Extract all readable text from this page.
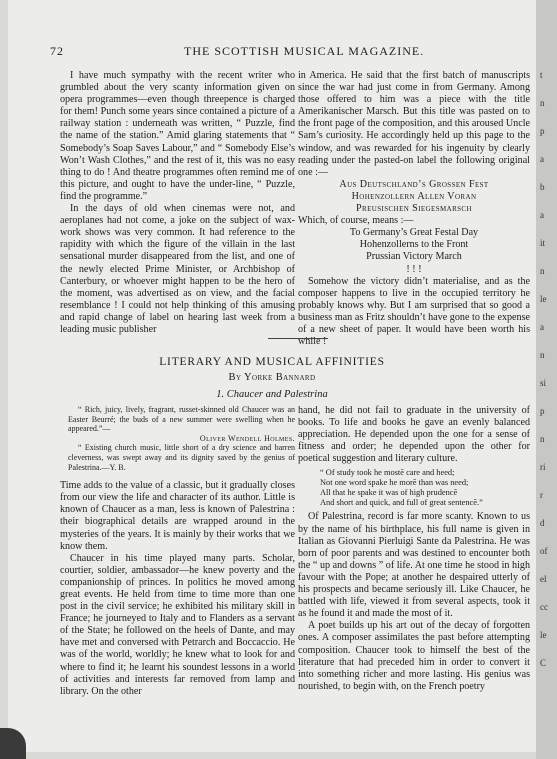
72	THE SCOTTISH MUSICAL MAGAZINE.

I have much sympathy with the recent writer who grumbled about the very scanty information given on opera programmes—even though threepence is charged for them! Punch some years since contained a picture of a railway station : underneath was written, “ Puzzle, find the name of the station.” Amid glaring statements that “ Somebody’s Soap Saves Labour,” and “ Somebody Else’s Won’t Wash Clothes,” and the rest of it, this was no easy thing to do ! And theatre programmes often remind me of this picture, and ought to have the under-line, “ Puzzle, find the programme.”

In the days of old when cinemas were not, and aeroplanes had not come, a joke on the subject of wax-work shows was very common. It had reference to the rapidity with which the figure of the villain in the last sensational murder disappeared from the list, and one of the newly elected Prime Minister, or Archbishop of Canterbury, or whoever might happen to be the hero of the moment, was advertised as on view, and the facial resemblance ! I could not help thinking of this amusing and rapid change of label on hearing last week from a leading music publisher

in America. He said that the first batch of manuscripts since the war had just come in from Germany. Among those offered to him was a piece with the title Amerikanischer Marsch. But this title was pasted on to the front page of the composition, and this aroused Uncle Sam’s curiosity. He accordingly held up this page to the window, and was rewarded for his ingenuity by clearly reading under the pasted-on label the following original one :—

Aus Deutschland’s Grossen Fest

Hohenzollern Allen Voran

Preusischen Siegesmarsch

Which, of course, means :—

To Germany’s Great Festal Day

Hohenzollerns to the Front

Prussian Victory March

! ! !

Somehow the victory didn’t materialise, and as the composer happens to live in the occupied territory he probably knows why. But I am surprised that so good a business man as Fritz shouldn’t have gone to the expense of a new sheet of paper. It would have been worth his while !

LITERARY AND MUSICAL AFFINITIES
By Yorke Bannard
1. Chaucer and Palestrina

“ Rich, juicy, lively, fragrant, russet-skinned old Chaucer was an Easter Beurré; the buds of a new summer were swelling when he appeared.”—

Oliver Wendell Holmes.

“ Existing church music, little short of a dry science and barren cleverness, was swept away and its dignity saved by the genius of Palestrina.—Y. B.

Time adds to the value of a classic, but it gradually closes from our view the life and character of its author. Little is known of Chaucer as a man, less is known of Palestrina : their biographical details are wrapped around in the mysteries of the years. It is mainly by their works that we know them.

Chaucer in his time played many parts. Scholar, courtier, soldier, ambassador—he knew poverty and the companionship of princes. In politics he moved among great events. He held from time to time more than one post in the civil service; he exhibited his military skill in France; he journeyed to Italy and to Flanders as a servant of the State; he followed on the heels of Dante, and may have met and conversed with Petrarch and Boccaccio. He was of the world, worldly; he knew what to look for and where to find it; he learnt his soundest lessons in a world of activities and interests far removed from lamp and library. On the other

hand, he did not fail to graduate in the university of books. To life and books he gave an evenly balanced appreciation. He depended upon the one for a sense of fitness and order; he depended upon the other for poetical suggestion and literary culture.

“ Of study took he mostē care and heed;

Not one word spake he morē than was need;

All that he spake it was of high prudencē

And short and quick, and full of great sentencē.”

Of Palestrina, record is far more scanty. Known to us by the name of his birthplace, his full name is given in Italian as Giovanni Pierluigi Sante da Palestrina. He was born of poor parents and was destined to encounter both the “ up and downs ” of life. At one time he stood in high favour with the Pope; at another he despaired utterly of his prospects and became seriously ill. Like Chaucer, he battled with life, viewed it from several aspects, took it as he found it and made the most of it.

A poet builds up his art out of the decay of forgotten ones. A composer assimilates the past before attempting composition. Chaucer took to himself the best of the literature that had preceded him in order to convert it into something richer and more lasting. His genius was nourished, to begin with, on the French poetry

t
n
p
a
b
a
it
n
le
a
n
si
p
n
ri
r
d
of
el
cc
le
C
